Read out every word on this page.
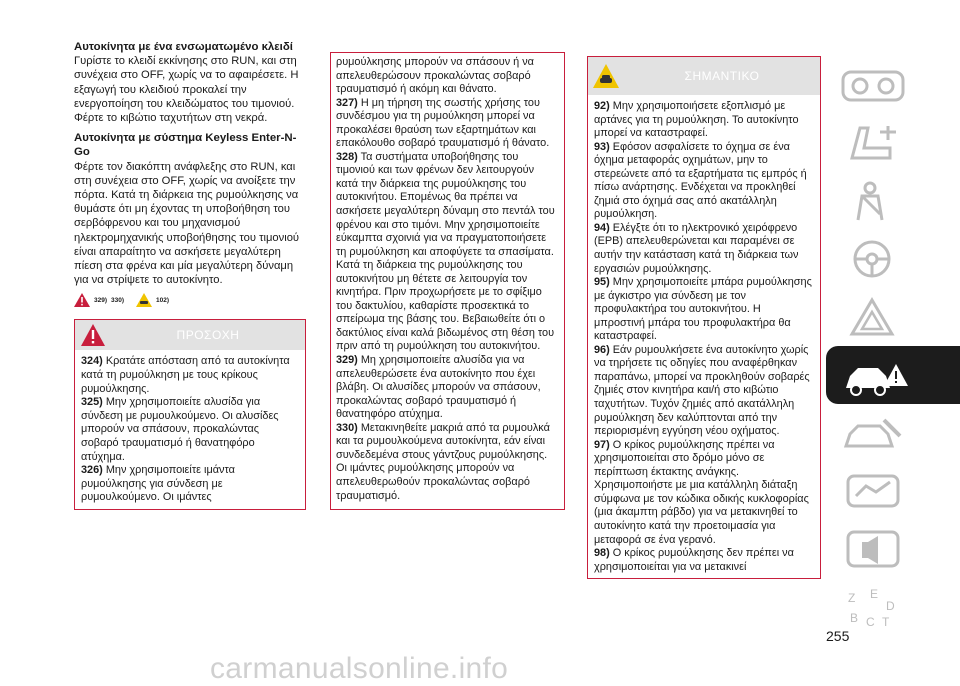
Αυτοκίνητα με ένα ενσωματωμένο κλειδί

Γυρίστε το κλειδί εκκίνησης στο RUN, και στη συνέχεια στο OFF, χωρίς να το αφαιρέσετε. Η εξαγωγή του κλειδιού προκαλεί την ενεργοποίηση του κλειδώματος του τιμονιού. Φέρτε το κιβώτιο ταχυτήτων στη νεκρά.

Αυτοκίνητα με σύστημα Keyless Enter-N-Go

Φέρτε τον διακόπτη ανάφλεξης στο RUN, και στη συνέχεια στο OFF, χωρίς να ανοίξετε την πόρτα. Κατά τη διάρκεια της ρυμούλκησης να θυμάστε ότι μη έχοντας τη υποβοήθηση του σερβόφρενου και του μηχανισμού ηλεκτρομηχανικής υποβοήθησης του τιμονιού είναι απαραίτητο να ασκήσετε μεγαλύτερη πίεση στα φρένα και μία μεγαλύτερη δύναμη για να στρίψετε το αυτοκίνητο.

329) 330)	102)
ΠΡΟΣΟΧΗ

324) Κρατάτε απόσταση από τα αυτοκίνητα κατά τη ρυμούλκηση με τους κρίκους ρυμούλκησης.

325) Μην χρησιμοποιείτε αλυσίδα για σύνδεση με ρυμουλκούμενο. Οι αλυσίδες μπορούν να σπάσουν, προκαλώντας σοβαρό τραυματισμό ή θανατηφόρο ατύχημα.

326) Μην χρησιμοποιείτε ιμάντα ρυμούλκησης για σύνδεση με ρυμουλκούμενο. Οι ιμάντες

ρυμούλκησης μπορούν να σπάσουν ή να απελευθερώσουν προκαλώντας σοβαρό τραυματισμό ή ακόμη και θάνατο.

327) Η μη τήρηση της σωστής χρήσης του συνδέσμου για τη ρυμούλκηση μπορεί να προκαλέσει θραύση των εξαρτημάτων και επακόλουθο σοβαρό τραυματισμό ή θάνατο.

328) Τα συστήματα υποβοήθησης του τιμονιού και των φρένων δεν λειτουργούν κατά την διάρκεια της ρυμούλκησης του αυτοκινήτου. Επομένως θα πρέπει να ασκήσετε μεγαλύτερη δύναμη στο πεντάλ του φρένου και στο τιμόνι. Μην χρησιμοποιείτε εύκαμπτα σχοινιά για να πραγματοποιήσετε τη ρυμούλκηση και αποφύγετε τα σπασίματα. Κατά τη διάρκεια της ρυμούλκησης του αυτοκινήτου μη θέτετε σε λειτουργία τον κινητήρα. Πριν προχωρήσετε με το σφίξιμο του δακτυλίου, καθαρίστε προσεκτικά το σπείρωμα της βάσης του. Βεβαιωθείτε ότι ο δακτύλιος είναι καλά βιδωμένος στη θέση του πριν από τη ρυμούλκηση του αυτοκινήτου.

329) Μη χρησιμοποιείτε αλυσίδα για να απελευθερώσετε ένα αυτοκίνητο που έχει βλάβη. Οι αλυσίδες μπορούν να σπάσουν, προκαλώντας σοβαρό τραυματισμό ή θανατηφόρο ατύχημα.

330) Μετακινηθείτε μακριά από τα ρυμουλκά και τα ρυμουλκούμενα αυτοκίνητα, εάν είναι συνδεδεμένα στους γάντζους ρυμούλκησης. Οι ιμάντες ρυμούλκησης μπορούν να απελευθερωθούν προκαλώντας σοβαρό τραυματισμό.

ΣΗΜΑΝΤΙΚΟ

92) Μην χρησιμοποιήσετε εξοπλισμό με αρτάνες για τη ρυμούλκηση. Το αυτοκίνητο μπορεί να καταστραφεί.

93) Εφόσον ασφαλίσετε το όχημα σε ένα όχημα μεταφοράς οχημάτων, μην το στερεώνετε από τα εξαρτήματα τις εμπρός ή πίσω ανάρτησης. Ενδέχεται να προκληθεί ζημιά στο όχημά σας από ακατάλληλη ρυμούλκηση.

94) Ελέγξτε ότι το ηλεκτρονικό χειρόφρενο (EPB) απελευθερώνεται και παραμένει σε αυτήν την κατάσταση κατά τη διάρκεια των εργασιών ρυμούλκησης.

95) Μην χρησιμοποιείτε μπάρα ρυμούλκησης με άγκιστρο για σύνδεση με τον προφυλακτήρα του αυτοκινήτου. Η μπροστινή μπάρα του προφυλακτήρα θα καταστραφεί.

96) Εάν ρυμουλκήσετε ένα αυτοκίνητο χωρίς να τηρήσετε τις οδηγίες που αναφέρθηκαν παραπάνω, μπορεί να προκληθούν σοβαρές ζημιές στον κινητήρα και/ή στο κιβώτιο ταχυτήτων. Τυχόν ζημιές από ακατάλληλη ρυμούλκηση δεν καλύπτονται από την περιορισμένη εγγύηση νέου οχήματος.

97) Ο κρίκος ρυμούλκησης πρέπει να χρησιμοποιείται στο δρόμο μόνο σε περίπτωση έκτακτης ανάγκης. Χρησιμοποιήστε με μια κατάλληλη διάταξη σύμφωνα με τον κώδικα οδικής κυκλοφορίας (μια άκαμπτη ράβδο) για να μετακινηθεί το αυτοκίνητο κατά την προετοιμασία για μεταφορά σε ένα γερανό.

98) Ο κρίκος ρυμούλκησης δεν πρέπει να χρησιμοποιείται για να μετακινεί

Z E
D
B C T
255
carmanualsonline.info
